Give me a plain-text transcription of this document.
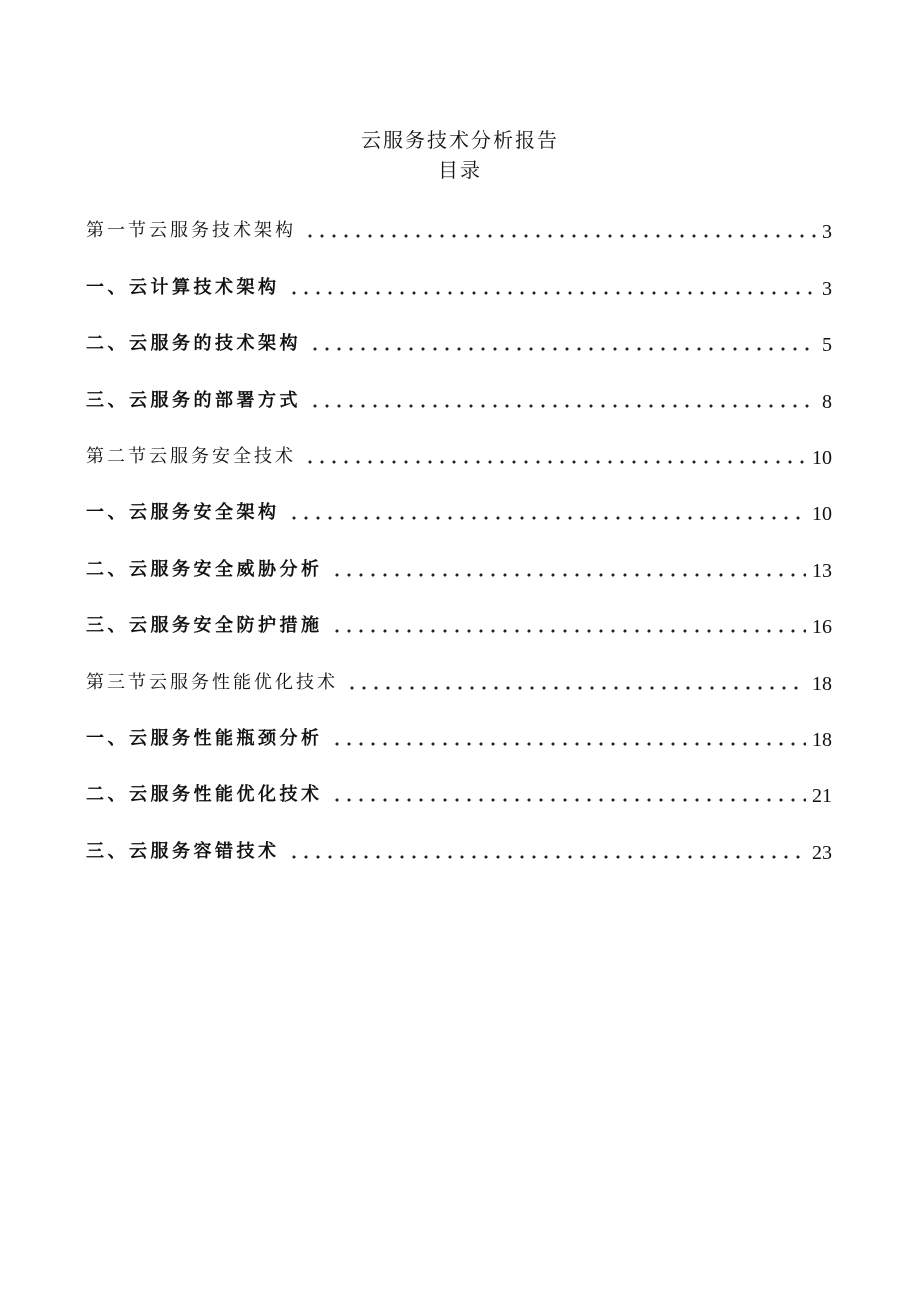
云服务技术分析报告
目录
第一节云服务技术架构	3
一、云计算技术架构	3
二、云服务的技术架构	5
三、云服务的部署方式	8
第二节云服务安全技术	10
一、云服务安全架构	10
二、云服务安全威胁分析	13
三、云服务安全防护措施	16
第三节云服务性能优化技术	18
一、云服务性能瓶颈分析	18
二、云服务性能优化技术	21
三、云服务容错技术	23
